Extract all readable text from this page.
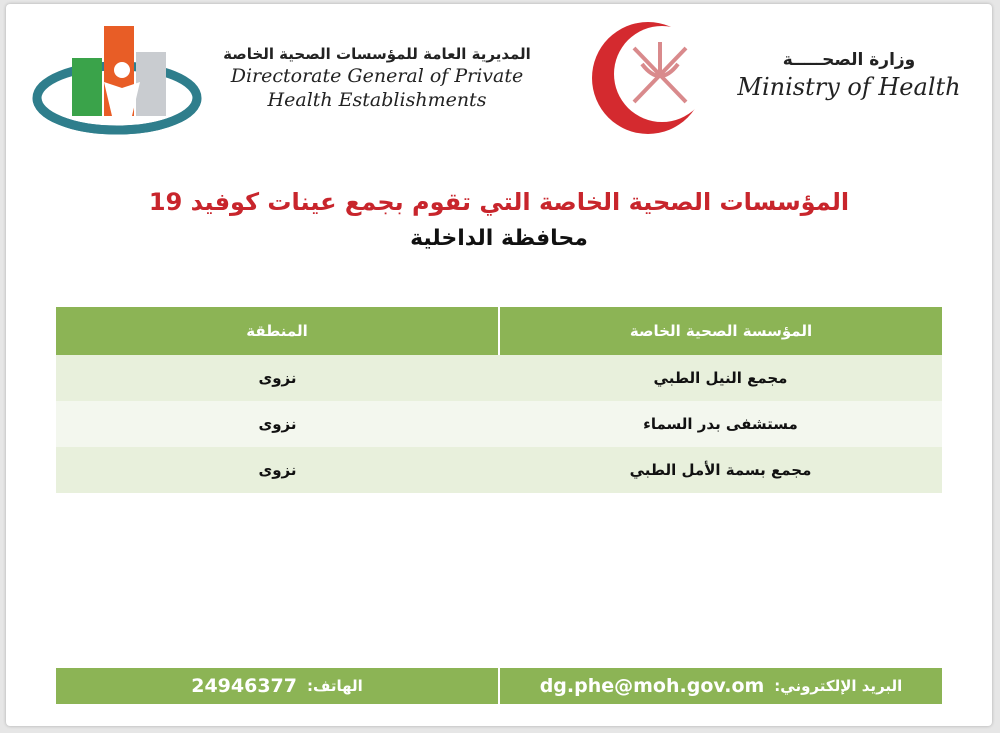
المديرية العامة للمؤسسات الصحية الخاصة
Directorate General of Private
Health Establishments
وزارة الصحـــــة
Ministry of Health
المؤسسات الصحية الخاصة التي تقوم بجمع عينات كوفيد 19
محافظة الداخلية
المؤسسة الصحية الخاصة
المنطقة
مجمع النيل الطبي
نزوى
مستشفى بدر السماء
نزوى
مجمع بسمة الأمل الطبي
نزوى
البريد الإلكتروني:
dg.phe@moh.gov.om
الهاتف:
24946377
